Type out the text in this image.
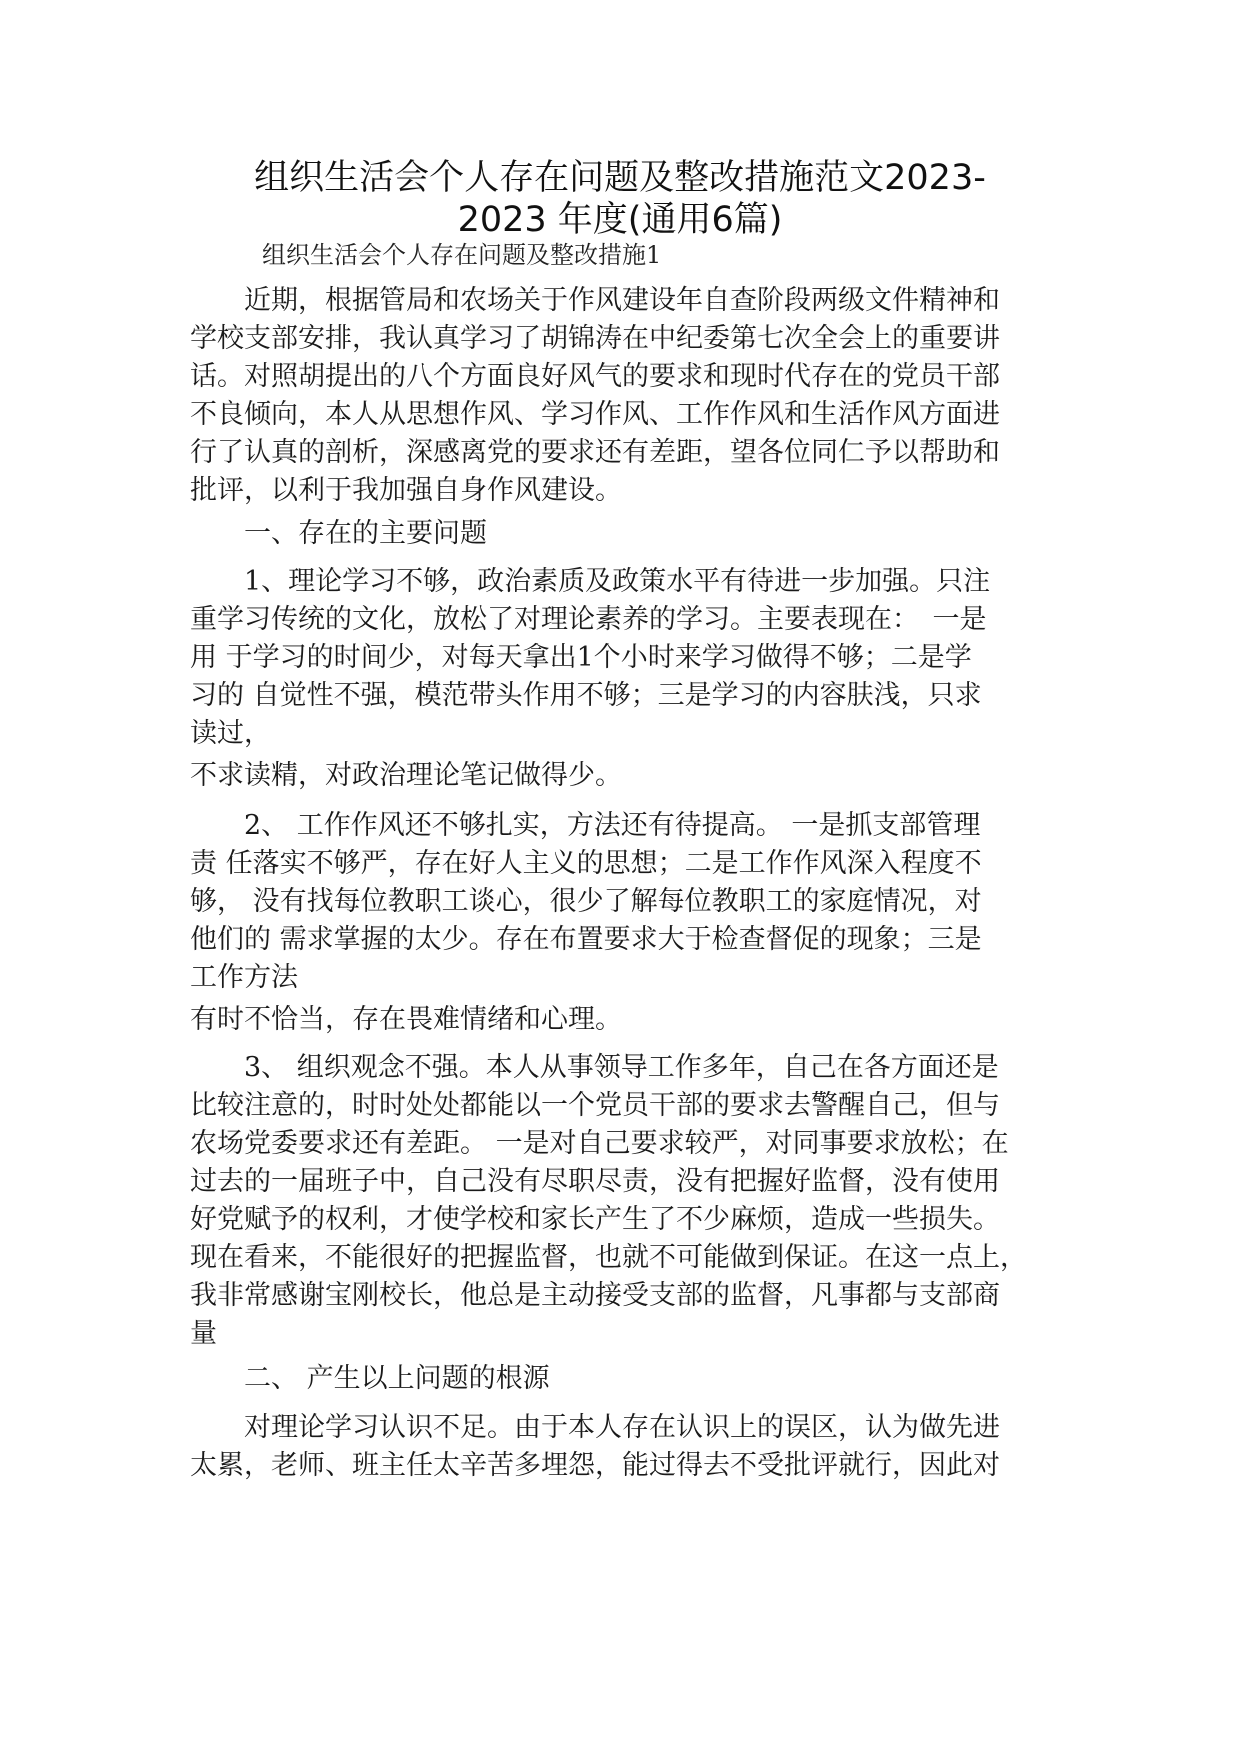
组织生活会个人存在问题及整改措施范文2023-
2023 年度(通用6篇)
组织生活会个人存在问题及整改措施1
　　近期，根据管局和农场关于作风建设年自查阶段两级文件精神和
学校支部安排，我认真学习了胡锦涛在中纪委第七次全会上的重要讲
话。对照胡提出的八个方面良好风气的要求和现时代存在的党员干部
不良倾向，本人从思想作风、学习作风、工作作风和生活作风方面进
行了认真的剖析，深感离党的要求还有差距，望各位同仁予以帮助和
批评，以利于我加强自身作风建设。
　　一、存在的主要问题
　　1、理论学习不够，政治素质及政策水平有待进一步加强。只注
重学习传统的文化，放松了对理论素养的学习。主要表现在：　一是
用 于学习的时间少，对每天拿出1个小时来学习做得不够；二是学
习的 自觉性不强，模范带头作用不够；三是学习的内容肤浅，只求
读过，
不求读精，对政治理论笔记做得少。
　　2、 工作作风还不够扎实，方法还有待提高。 一是抓支部管理
责 任落实不够严，存在好人主义的思想；二是工作作风深入程度不
够， 没有找每位教职工谈心，很少了解每位教职工的家庭情况，对
他们的 需求掌握的太少。存在布置要求大于检查督促的现象；三是
工作方法
有时不恰当，存在畏难情绪和心理。
　　3、 组织观念不强。本人从事领导工作多年，自己在各方面还是
比较注意的，时时处处都能以一个党员干部的要求去警醒自己，但与
农场党委要求还有差距。 一是对自己要求较严，对同事要求放松；在
过去的一届班子中，自己没有尽职尽责，没有把握好监督，没有使用
好党赋予的权利，才使学校和家长产生了不少麻烦，造成一些损失。
现在看来，不能很好的把握监督，也就不可能做到保证。在这一点上，
我非常感谢宝刚校长，他总是主动接受支部的监督，凡事都与支部商
量
　　二、 产生以上问题的根源
　　对理论学习认识不足。由于本人存在认识上的误区，认为做先进
太累，老师、班主任太辛苦多埋怨，能过得去不受批评就行，因此对
